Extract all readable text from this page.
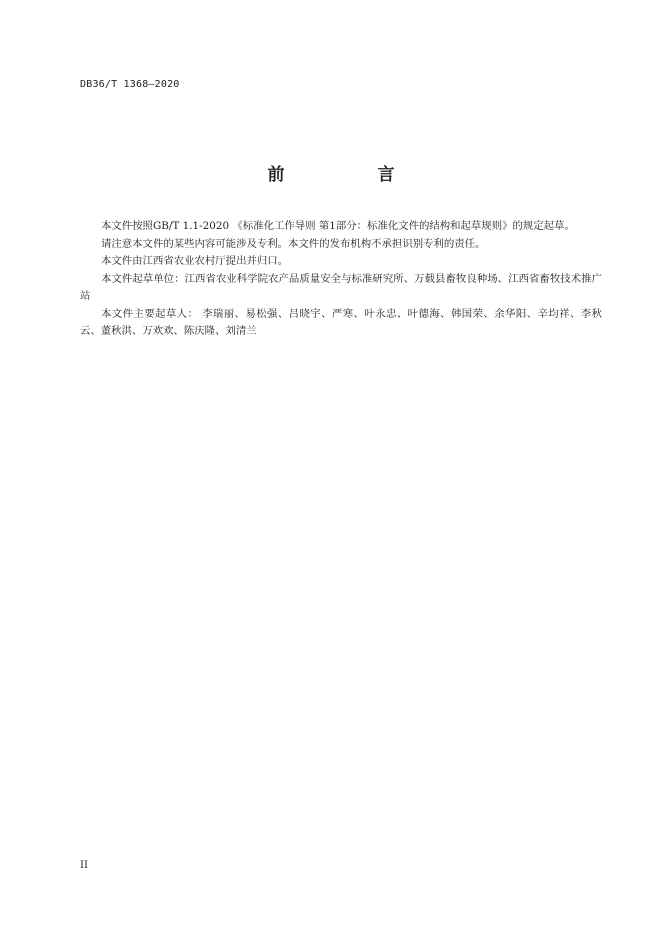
DB36/T 1368—2020
前　言

本文件按照GB/T 1.1-2020 《标准化工作导则 第1部分：标准化文件的结构和起草规则》的规定起草。

请注意本文件的某些内容可能涉及专利。本文件的发布机构不承担识别专利的责任。

本文件由江西省农业农村厅提出并归口。

本文件起草单位：江西省农业科学院农产品质量安全与标准研究所、万载县畜牧良种场、江西省畜牧技术推广站

本文件主要起草人： 李瑞丽、易松强、吕晓宇、严寒、叶永忠、叶德海、韩国荣、余华阳、辛均祥、李秋云、董秋洪、万欢欢、陈庆隆、刘清兰

II
